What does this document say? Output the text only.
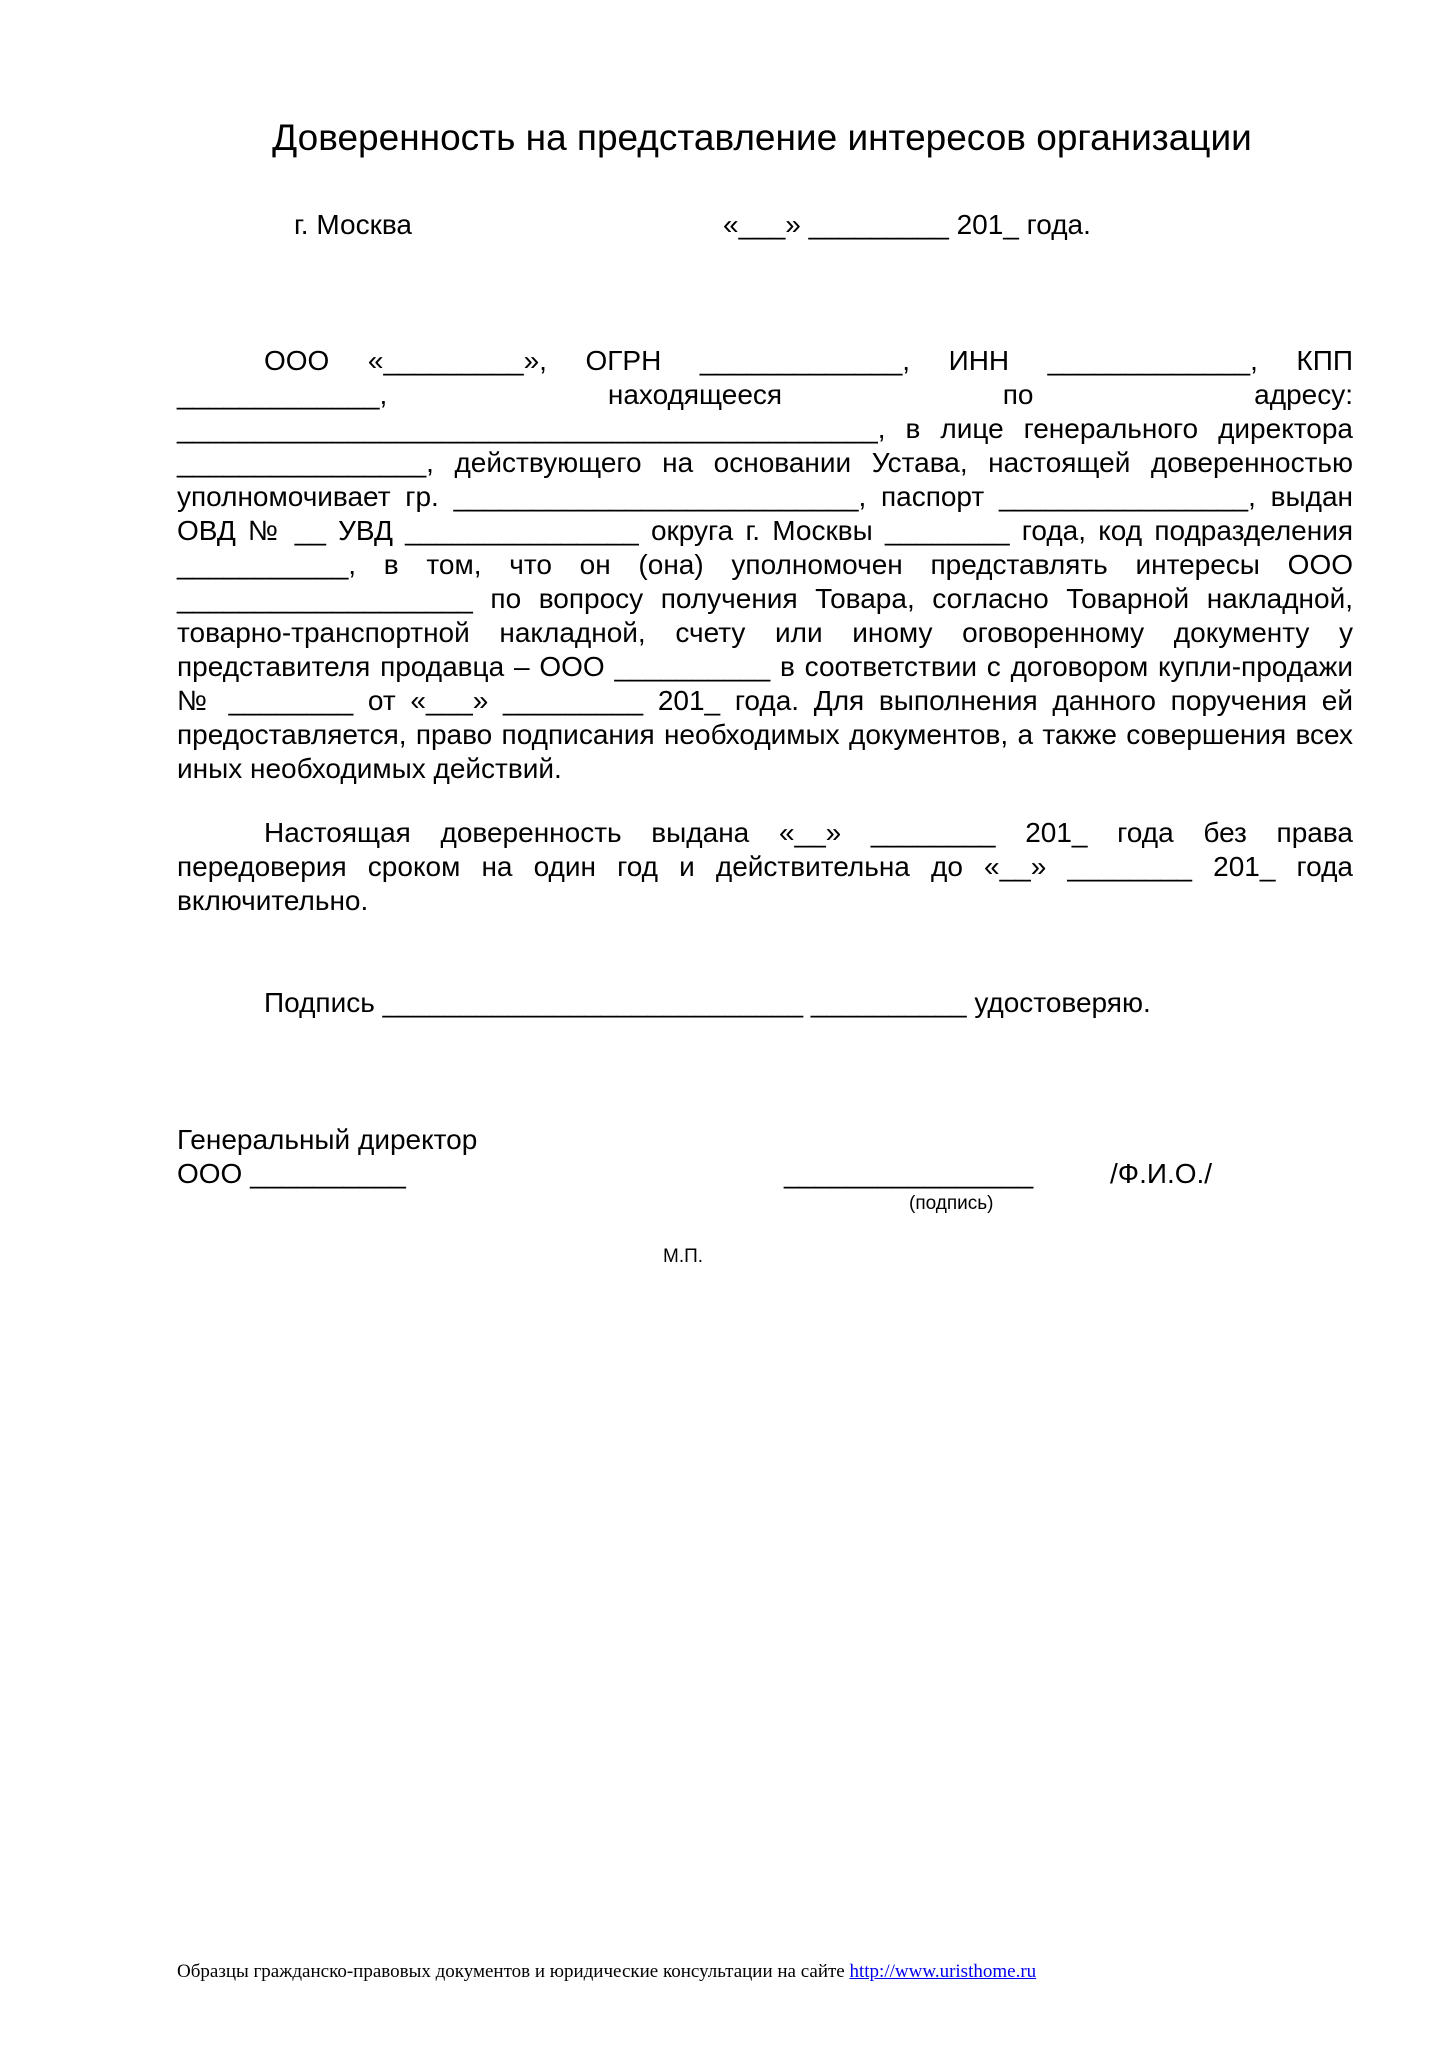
Доверенность на представление интересов организации
г. Москва	«___» _________ 201_ года.

ООО «_________», ОГРН _____________, ИНН _____________, КПП _____________, находящееся по адресу: _____________________________________________, в лице генерального директора ________________, действующего на основании Устава, настоящей доверенностью уполномочивает гр. __________________________, паспорт ________________, выдан ОВД № __ УВД _______________ округа г. Москвы ________ года, код подразделения ___________, в том, что он (она) уполномочен представлять интересы ООО ___________________ по вопросу получения Товара, согласно Товарной накладной, товарно-транспортной накладной, счету или иному оговоренному документу у представителя продавца – ООО __________ в соответствии с договором купли-продажи № ________ от «___» _________ 201_ года. Для выполнения данного поручения ей предоставляется, право подписания необходимых документов, а также совершения всех иных необходимых действий.

Настоящая доверенность выдана «__» ________ 201_ года без права передоверия сроком на один год и действительна до «__» ________ 201_ года включительно.

Подпись ___________________________ __________ удостоверяю.
Генеральный директор
ООО __________	________________	/Ф.И.О./
(подпись)
М.П.
Образцы гражданско-правовых документов и юридические консультации на сайте http://www.uristhome.ru
